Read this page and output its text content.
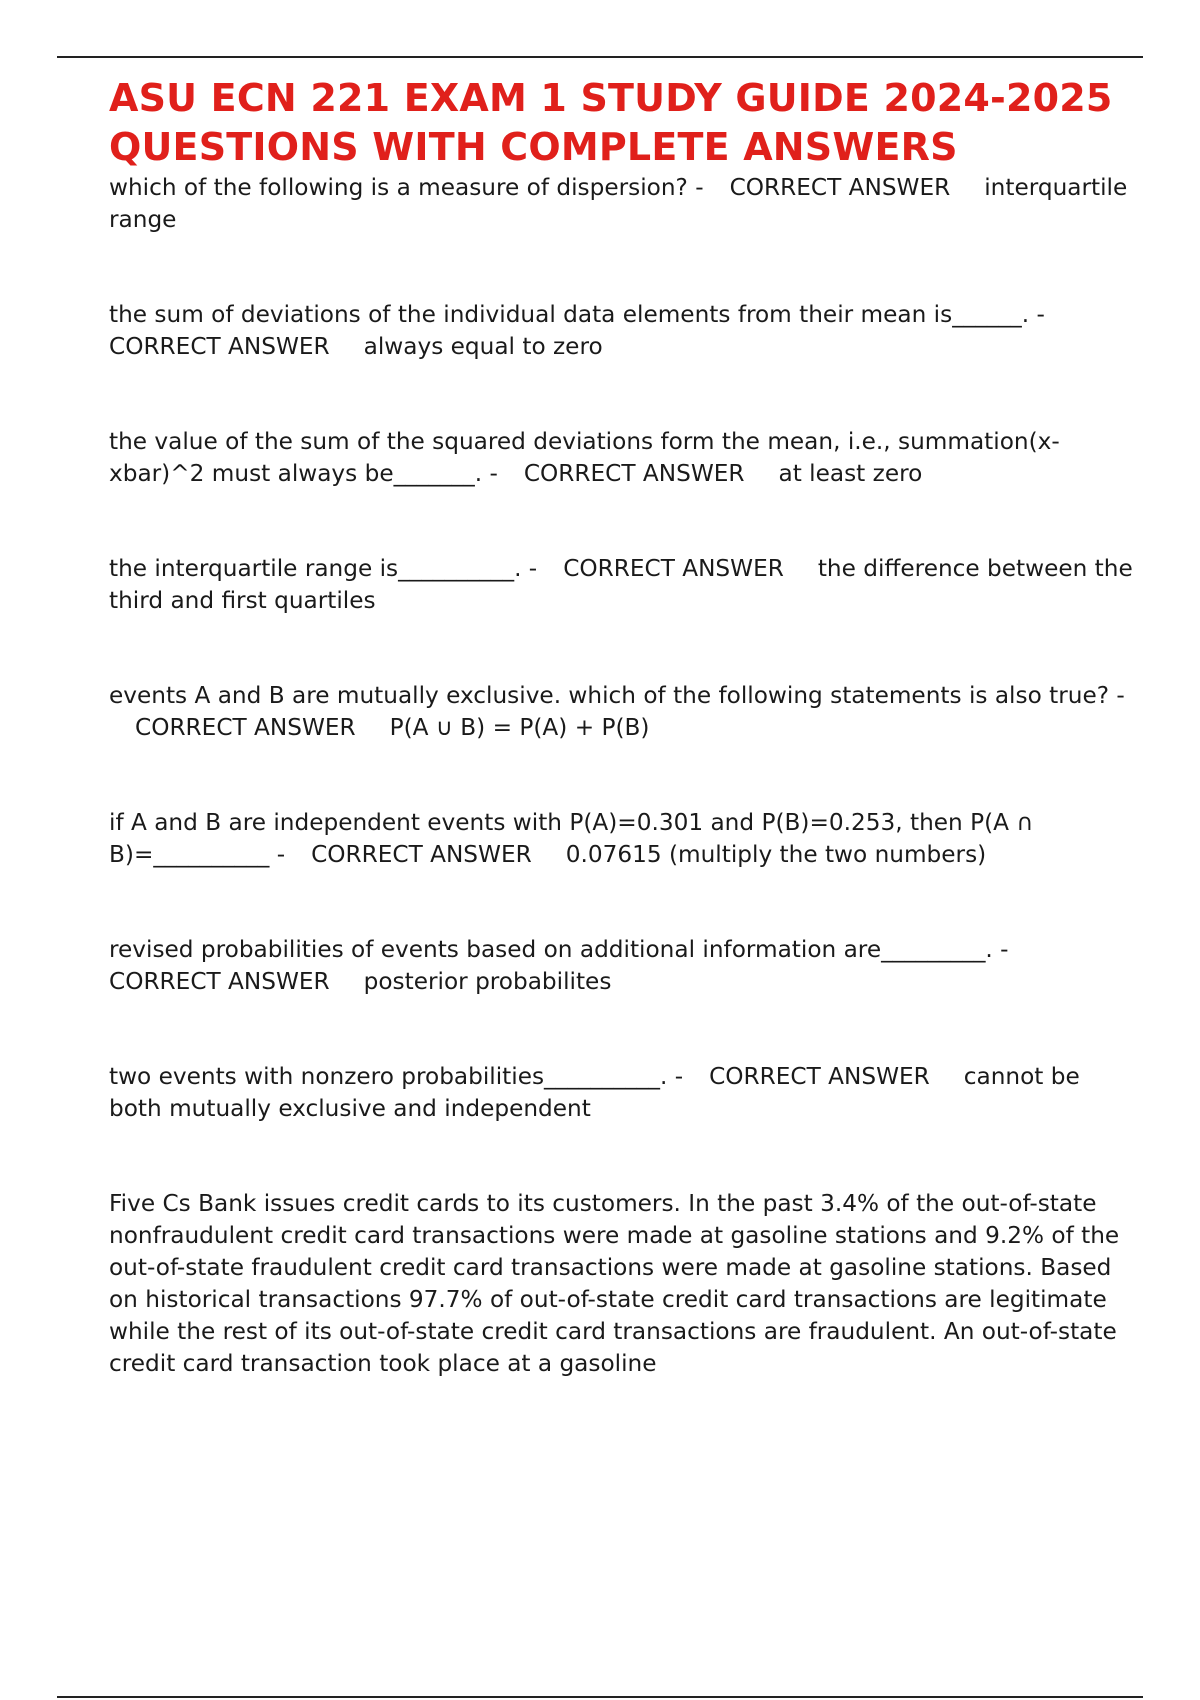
ASU ECN 221 EXAM 1 STUDY GUIDE 2024-2025 QUESTIONS WITH COMPLETE ANSWERS

which of the following is a measure of dispersion? - CORRECT ANSWER interquartile range

the sum of deviations of the individual data elements from their mean is______. -CORRECT ANSWER always equal to zero

the value of the sum of the squared deviations form the mean, i.e., summation(x-xbar)^2 must always be_______. - CORRECT ANSWER at least zero

the interquartile range is__________. - CORRECT ANSWER the difference between the third and first quartiles

events A and B are mutually exclusive. which of the following statements is also true? -CORRECT ANSWER P(A ∪ B) = P(A) + P(B)

if A and B are independent events with P(A)=0.301 and P(B)=0.253, then P(A ∩ B)=__________ - CORRECT ANSWER 0.07615 (multiply the two numbers)

revised probabilities of events based on additional information are_________. -CORRECT ANSWER posterior probabilites

two events with nonzero probabilities__________. - CORRECT ANSWER cannot be both mutually exclusive and independent

Five Cs Bank issues credit cards to its customers. In the past 3.4% of the out-of-state nonfraudulent credit card transactions were made at gasoline stations and 9.2% of the out-of-state fraudulent credit card transactions were made at gasoline stations. Based on historical transactions 97.7% of out-of-state credit card transactions are legitimate while the rest of its out-of-state credit card transactions are fraudulent. An out-of-state credit card transaction took place at a gasoline
